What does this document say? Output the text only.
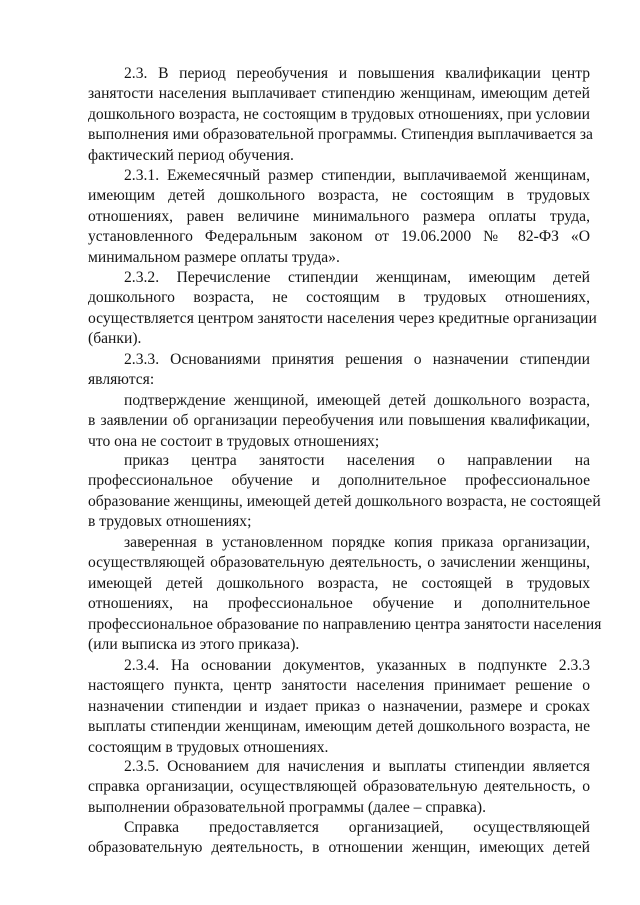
2.3. В период переобучения и повышения квалификации центр
занятости населения выплачивает стипендию женщинам, имеющим детей
дошкольного возраста, не состоящим в трудовых отношениях, при условии
выполнения ими образовательной программы. Стипендия выплачивается за
фактический период обучения.
2.3.1. Ежемесячный размер стипендии, выплачиваемой женщинам,
имеющим детей дошкольного возраста, не состоящим в трудовых
отношениях, равен величине минимального размера оплаты труда,
установленного Федеральным законом от 19.06.2000 № 82-ФЗ «О
минимальном размере оплаты труда».
2.3.2. Перечисление стипендии женщинам, имеющим детей
дошкольного возраста, не состоящим в трудовых отношениях,
осуществляется центром занятости населения через кредитные организации
(банки).
2.3.3. Основаниями принятия решения о назначении стипендии
являются:
подтверждение женщиной, имеющей детей дошкольного возраста,
в заявлении об организации переобучения или повышения квалификации,
что она не состоит в трудовых отношениях;
приказ центра занятости населения о направлении на
профессиональное обучение и дополнительное профессиональное
образование женщины, имеющей детей дошкольного возраста, не состоящей
в трудовых отношениях;
заверенная в установленном порядке копия приказа организации,
осуществляющей образовательную деятельность, о зачислении женщины,
имеющей детей дошкольного возраста, не состоящей в трудовых
отношениях, на профессиональное обучение и дополнительное
профессиональное образование по направлению центра занятости населения
(или выписка из этого приказа).
2.3.4. На основании документов, указанных в подпункте 2.3.3
настоящего пункта, центр занятости населения принимает решение о
назначении стипендии и издает приказ о назначении, размере и сроках
выплаты стипендии женщинам, имеющим детей дошкольного возраста, не
состоящим в трудовых отношениях.
2.3.5. Основанием для начисления и выплаты стипендии является
справка организации, осуществляющей образовательную деятельность, о
выполнении образовательной программы (далее – справка).
Справка предоставляется организацией, осуществляющей
образовательную деятельность, в отношении женщин, имеющих детей
